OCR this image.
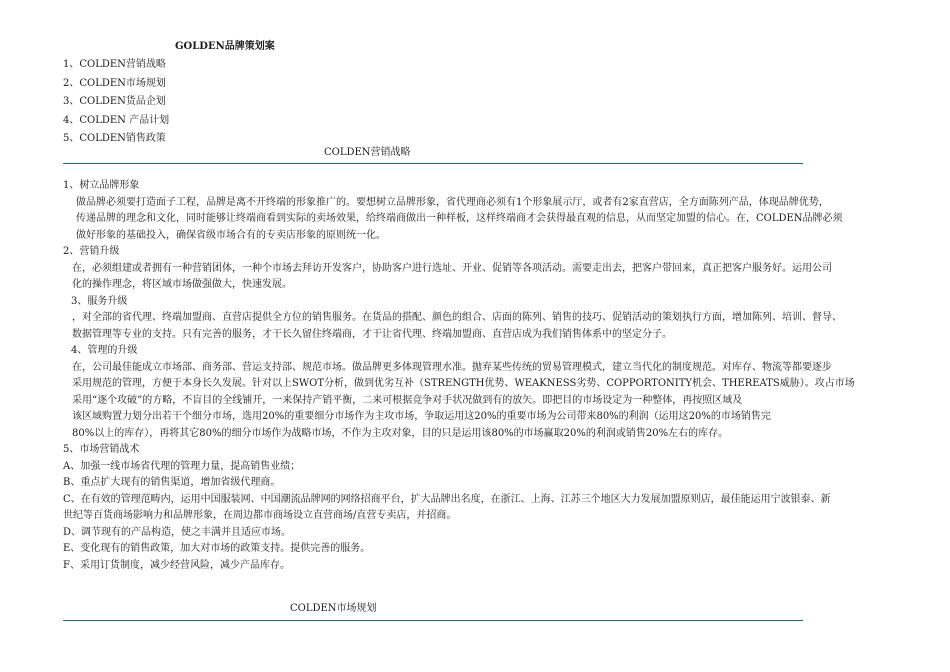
GOLDEN品牌策划案
1、COLDEN营销战略
2、COLDEN市场规划
3、COLDEN货品企划
4、COLDEN 产品计划
5、COLDEN销售政策
COLDEN营销战略

1、树立品牌形象

做品牌必须要打造面子工程，品牌是离不开终端的形象推广的。要想树立品牌形象，省代理商必须有1个形象展示厅，或者有2家直营店，全方面陈列产品，体现品牌优势，

传递品牌的理念和文化，同时能够让终端商看到实际的卖场效果，给终端商做出一种样板，这样终端商才会获得最直观的信息，从而坚定加盟的信心。在，COLDEN品牌必须

做好形象的基础投入，确保省级市场合有的专卖店形象的原则统一化。

2、营销升级

在，必须组建或者拥有一种营销团体，一种个市场去拜访开发客户，协助客户进行选址、开业、促销等各项活动。需要走出去，把客户带回来，真正把客户服务好。运用公司

化的操作理念，将区域市场做强做大，快速发展。

3、服务升级

，对全部的省代理、终端加盟商、直营店提供全方位的销售服务。在货品的搭配、颜色的组合、店面的陈列、销售的技巧、促销活动的策划执行方面，增加陈列、培训、督导、

数据管理等专业的支持。只有完善的服务，才干长久留住终端商，才干让省代理、终端加盟商、直营店成为我们销售体系中的坚定分子。

4、管理的升级

在，公司最佳能成立市场部、商务部、营运支持部、规范市场。做品牌更多体现管理水准。抛弃某些传统的贸易管理模式，建立当代化的制度规范。对库存、物流等都要逐步

采用规范的管理，方便于本身长久发展。针对以上SWOT分析，做到优劣互补（STRENGTH优势、WEAKNESS劣势、COPPORTONITY机会、THEREATS威胁）。攻占市场

采用“逐个攻破”的方略，不盲目的全线铺开，一来保持产销平衡，二来可根据竞争对手状况做到有的放矢。即把目的市场设定为一种整体，再按照区域及

该区域购置力划分出若干个细分市场，选用20%的重要细分市场作为主攻市场，争取运用这20%的重要市场为公司带来80%的利润（运用这20%的市场销售完

80%以上的库存），再将其它80%的细分市场作为战略市场，不作为主攻对象，目的只是运用该80%的市场赢取20%的利润或销售20%左右的库存。

5、市场营销战术

A、加强一线市场省代理的管理力量，提高销售业绩；

B、重点扩大现有的销售渠道，增加省级代理商。

C、在有效的管理范畴内，运用中国服装网、中国潮流品牌网的网络招商平台，扩大品牌出名度，在浙江、上海、江苏三个地区大力发展加盟原则店，最佳能运用宁波银泰、新

世纪等百货商场影响力和品牌形象，在周边都市商场设立直营商场/直营专卖店，并招商。

D、调节现有的产品构造，使之丰满并且适应市场。

E、变化现有的销售政策，加大对市场的政策支持。提供完善的服务。

F、采用订货制度，减少经营风险，减少产品库存。

COLDEN市场规划
